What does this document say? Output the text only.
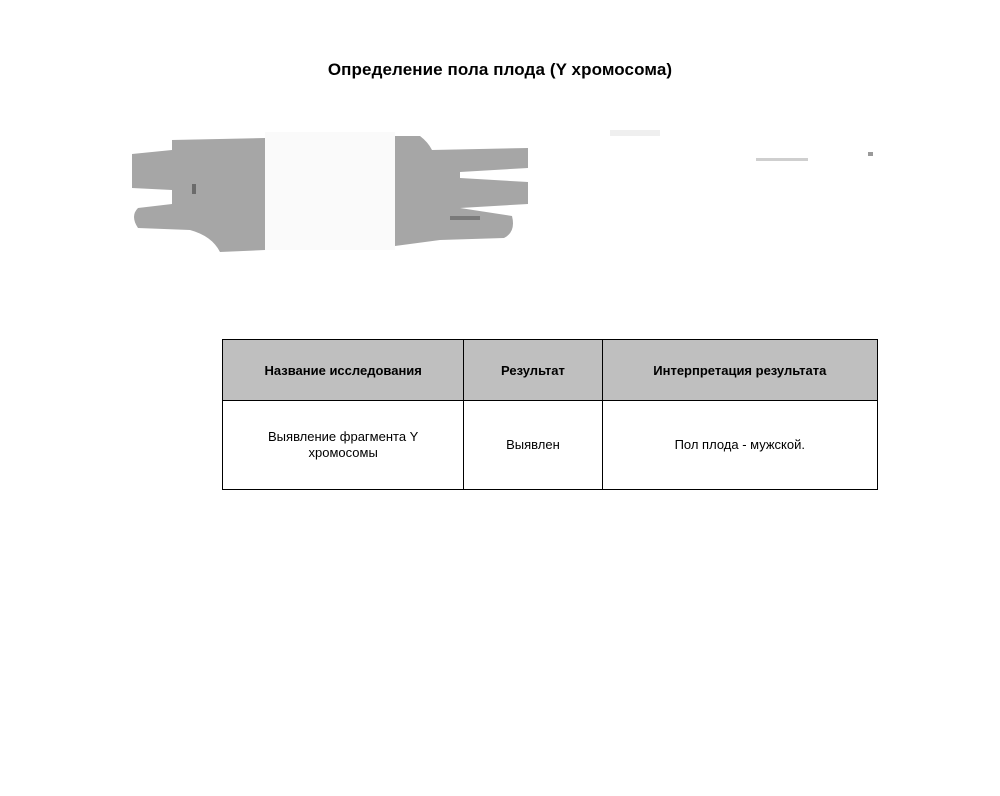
Определение пола плода (Y хромосома)
Название исследования	Результат	Интерпретация результата
Выявление фрагмента Y хромосомы	Выявлен	Пол плода - мужской.
